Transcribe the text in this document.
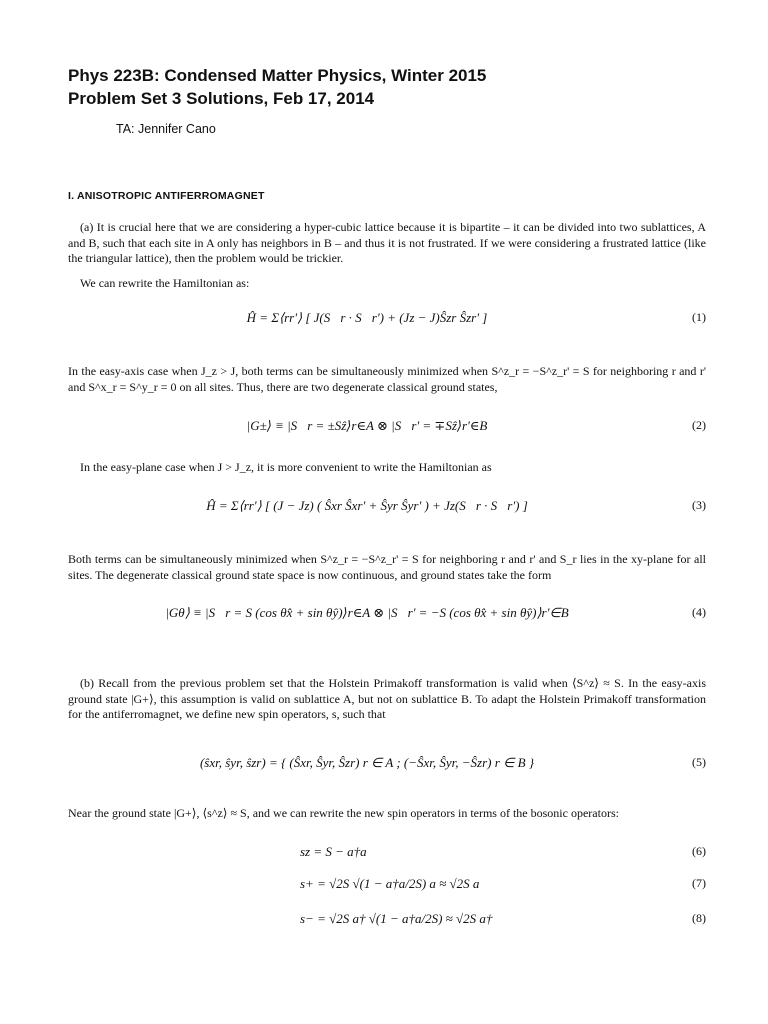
Phys 223B: Condensed Matter Physics, Winter 2015
Problem Set 3 Solutions, Feb 17, 2014
TA: Jennifer Cano
I. ANISOTROPIC ANTIFERROMAGNET
(a) It is crucial here that we are considering a hyper-cubic lattice because it is bipartite – it can be divided into two sublattices, A and B, such that each site in A only has neighbors in B – and thus it is not frustrated. If we were considering a frustrated lattice (like the triangular lattice), then the problem would be trickier.
We can rewrite the Hamiltonian as:
Ĥ = Σ⟨rr'⟩ [ J(S⃗r · S⃗r') + (Jz − J)Ŝzr Ŝzr' ]	(1)
In the easy-axis case when J_z > J, both terms can be simultaneously minimized when S^z_r = −S^z_r' = S for neighboring r and r' and S^x_r = S^y_r = 0 on all sites. Thus, there are two degenerate classical ground states,
|G±⟩ ≡ |S⃗r = ±Sẑ⟩r∈A ⊗ |S⃗r' = ∓Sẑ⟩r'∈B	(2)
In the easy-plane case when J > J_z, it is more convenient to write the Hamiltonian as
Ĥ = Σ⟨rr'⟩ [ (J − Jz) ( Ŝxr Ŝxr' + Ŝyr Ŝyr' ) + Jz(S⃗r · S⃗r') ]	(3)
Both terms can be simultaneously minimized when S^z_r = −S^z_r' = S for neighboring r and r' and S_r lies in the xy-plane for all sites. The degenerate classical ground state space is now continuous, and ground states take the form
|Gθ⟩ ≡ |S⃗r = S (cos θx̂ + sin θŷ)⟩r∈A ⊗ |S⃗r' = −S (cos θx̂ + sin θŷ)⟩r'∈B	(4)
(b) Recall from the previous problem set that the Holstein Primakoff transformation is valid when ⟨S^z⟩ ≈ S. In the easy-axis ground state |G+⟩, this assumption is valid on sublattice A, but not on sublattice B. To adapt the Holstein Primakoff transformation for the antiferromagnet, we define new spin operators, s, such that
(ŝxr, ŝyr, ŝzr) = { (Ŝxr, Ŝyr, Ŝzr) r ∈ A ; (−Ŝxr, Ŝyr, −Ŝzr) r ∈ B }	(5)
Near the ground state |G+⟩, ⟨s^z⟩ ≈ S, and we can rewrite the new spin operators in terms of the bosonic operators:
sz = S − a†a	(6)
s+ = √2S √(1 − a†a/2S) a ≈ √2S a	(7)
s− = √2S a† √(1 − a†a/2S) ≈ √2S a†	(8)
